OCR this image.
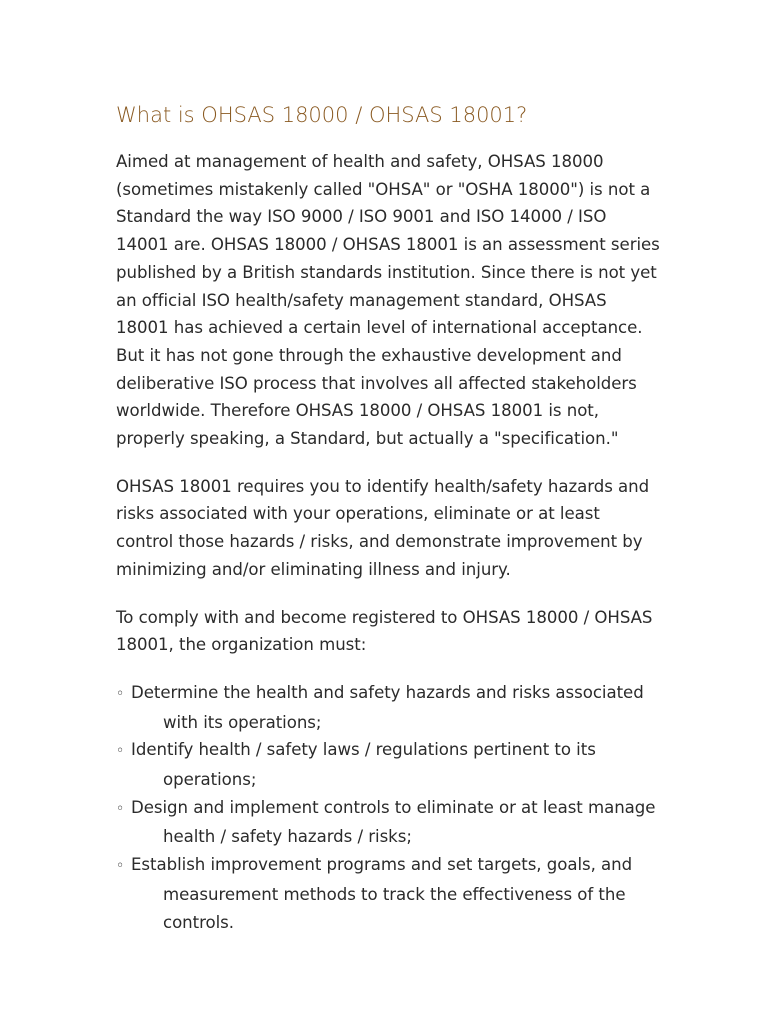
What is OHSAS 18000 / OHSAS 18001?

Aimed at management of health and safety, OHSAS 18000 (sometimes mistakenly called "OHSA" or "OSHA 18000") is not a Standard the way ISO 9000 / ISO 9001 and ISO 14000 / ISO 14001 are. OHSAS 18000 / OHSAS 18001 is an assessment series published by a British standards institution. Since there is not yet an official ISO health/safety management standard, OHSAS 18001 has achieved a certain level of international acceptance. But it has not gone through the exhaustive development and deliberative ISO process that involves all affected stakeholders worldwide. Therefore OHSAS 18000 / OHSAS 18001 is not, properly speaking, a Standard, but actually a "specification."

OHSAS 18001 requires you to identify health/safety hazards and risks associated with your operations, eliminate or at least control those hazards / risks, and demonstrate improvement by minimizing and/or eliminating illness and injury.

To comply with and become registered to OHSAS 18000 / OHSAS 18001, the organization must:

◦ Determine the health and safety hazards and risks associated with its operations;
◦ Identify health / safety laws / regulations pertinent to its operations;
◦ Design and implement controls to eliminate or at least manage health / safety hazards / risks;
◦ Establish improvement programs and set targets, goals, and measurement methods to track the effectiveness of the controls.
